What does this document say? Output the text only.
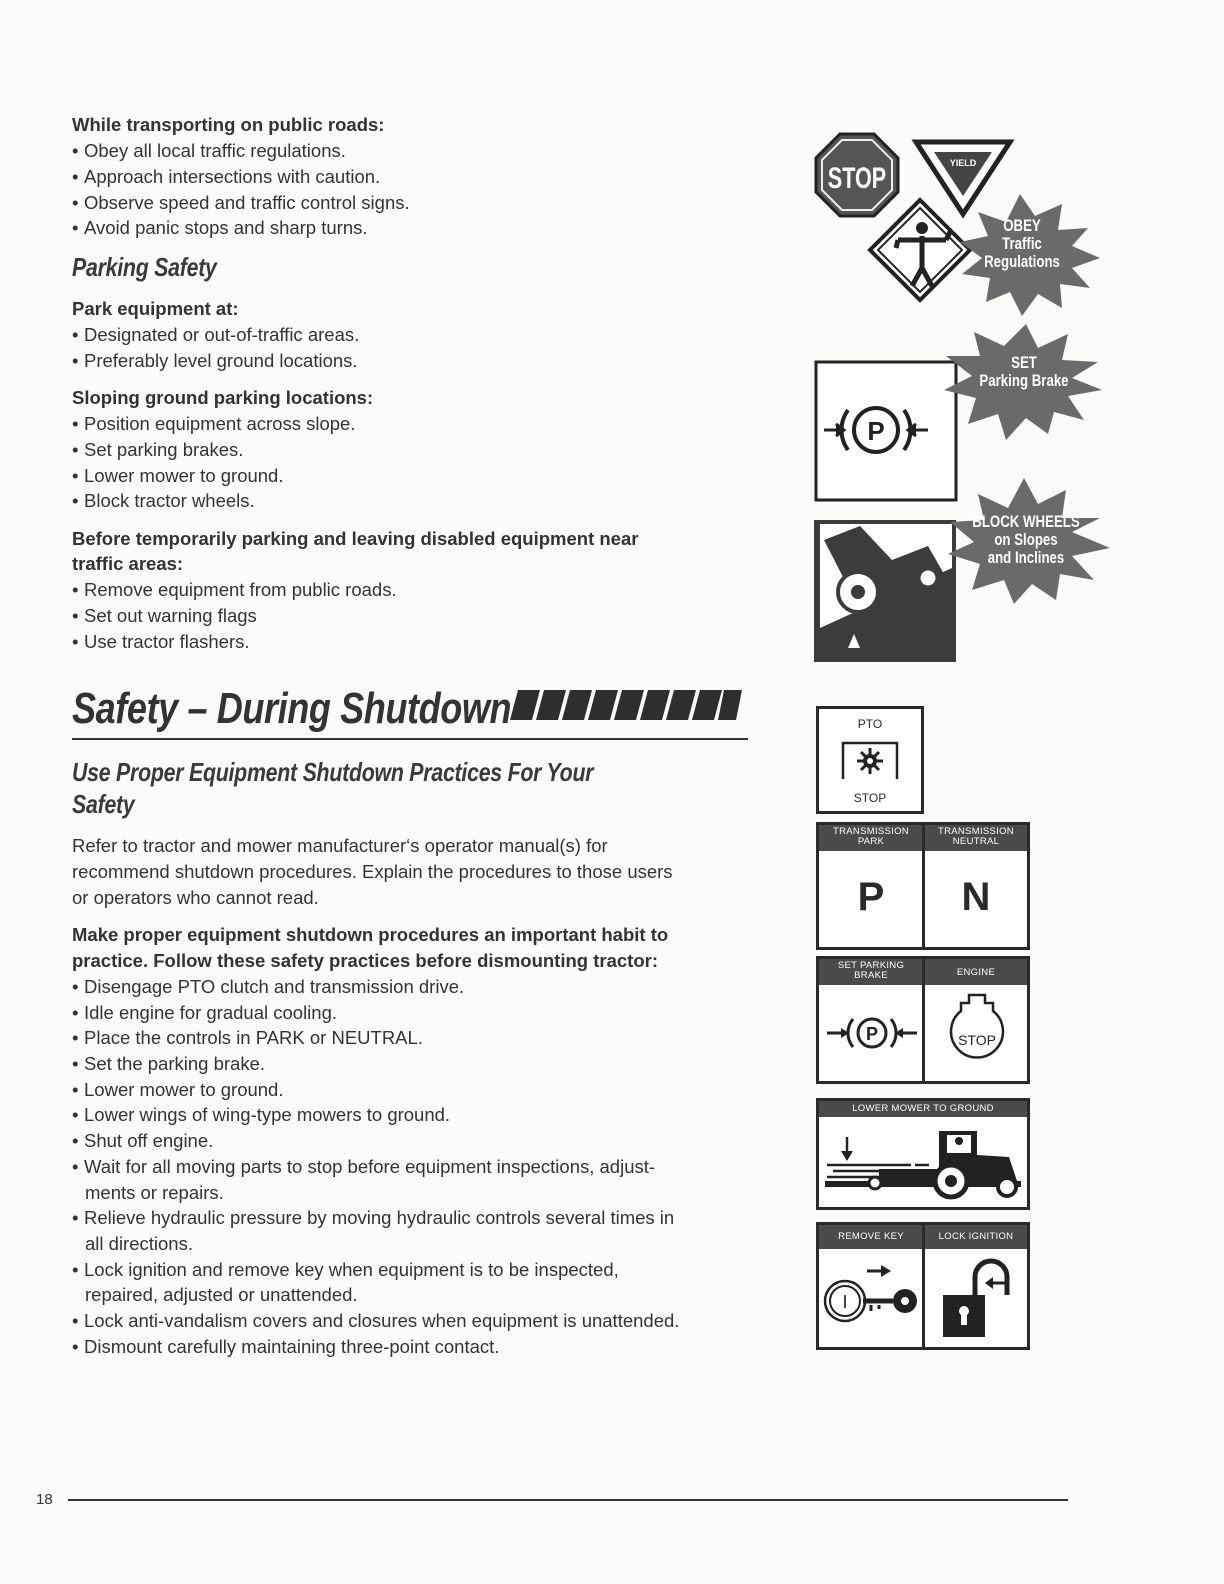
While transporting on public roads:
• Obey all local traffic regulations.
• Approach intersections with caution.
• Observe speed and traffic control signs.
• Avoid panic stops and sharp turns.
Parking Safety
Park equipment at:
• Designated or out-of-traffic areas.
• Preferably level ground locations.
Sloping ground parking locations:
• Position equipment across slope.
• Set parking brakes.
• Lower mower to ground.
• Block tractor wheels.
Before temporarily parking and leaving disabled equipment near
traffic areas:
• Remove equipment from public roads.
• Set out warning flags
• Use tractor flashers.
Safety – During Shutdown
Use Proper Equipment Shutdown Practices For Your
Safety
Refer to tractor and mower manufacturer‘s operator manual(s) for
recommend shutdown procedures. Explain the procedures to those users
or operators who cannot read.
Make proper equipment shutdown procedures an important habit to
practice. Follow these safety practices before dismounting tractor:
• Disengage PTO clutch and transmission drive.
• Idle engine for gradual cooling.
• Place the controls in PARK or NEUTRAL.
• Set the parking brake.
• Lower mower to ground.
• Lower wings of wing-type mowers to ground.
• Shut off engine.
• Wait for all moving parts to stop before equipment inspections, adjust-
ments or repairs.
• Relieve hydraulic pressure by moving hydraulic controls several times in
all directions.
• Lock ignition and remove key when equipment is to be inspected,
repaired, adjusted or unattended.
• Lock anti-vandalism covers and closures when equipment is unattended.
• Dismount carefully maintaining three-point contact.
18
STOP	YIELD
OBEY
Traffic
Regulations
P
SET
Parking Brake
BLOCK WHEELS
on Slopes
and Inclines
PTO
STOP
TRANSMISSION
PARK
TRANSMISSION
NEUTRAL
P	N
SET PARKING
BRAKE	ENGINE
P	STOP
LOWER MOWER TO GROUND
REMOVE KEY	LOCK IGNITION
I
